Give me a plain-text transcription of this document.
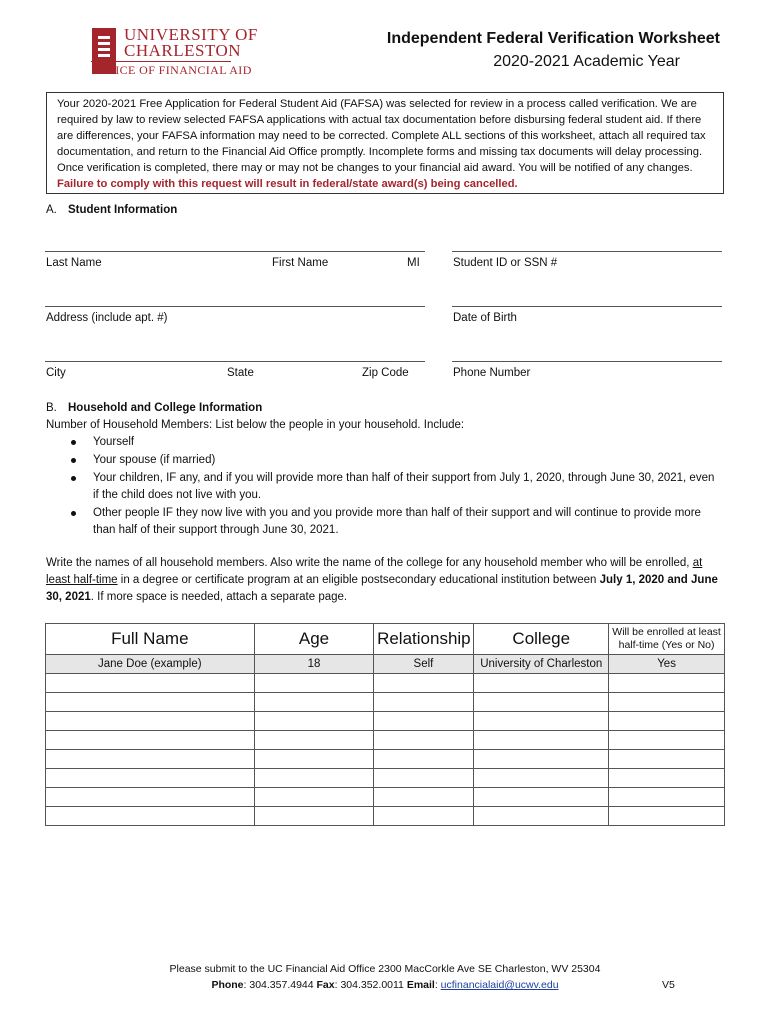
UNIVERSITY OF
CHARLESTON
OFFICE OF FINANCIAL AID
Independent Federal Verification Worksheet
2020-2021 Academic Year
Your 2020-2021 Free Application for Federal Student Aid (FAFSA) was selected for review in a process called verification. We are required by law to review selected FAFSA applications with actual tax documentation before disbursing federal student aid. If there are differences, your FAFSA information may need to be corrected. Complete ALL sections of this worksheet, attach all required tax documentation, and return to the Financial Aid Office promptly. Incomplete forms and missing tax documents will delay processing. Once verification is completed, there may or may not be changes to your financial aid award. You will be notified of any changes. Failure to comply with this request will result in federal/state award(s) being cancelled.
A. Student Information
Last Name	First Name	MI	Student ID or SSN #
Address (include apt. #)	Date of Birth
City	State	Zip Code	Phone Number
B. Household and College Information
Number of Household Members: List below the people in your household. Include:
Yourself
Your spouse (if married)
Your children, IF any, and if you will provide more than half of their support from July 1, 2020, through June 30, 2021, even if the child does not live with you.
Other people IF they now live with you and you provide more than half of their support and will continue to provide more than half of their support through June 30, 2021.
Write the names of all household members. Also write the name of the college for any household member who will be enrolled, at least half-time in a degree or certificate program at an eligible postsecondary educational institution between July 1, 2020 and June 30, 2021. If more space is needed, attach a separate page.
Full Name	Age	Relationship	College	Will be enrolled at least half-time (Yes or No)
Jane Doe (example)	18	Self	University of Charleston	Yes

Please submit to the UC Financial Aid Office 2300 MacCorkle Ave SE Charleston, WV 25304
Phone: 304.357.4944 Fax: 304.352.0011 Email: ucfinancialaid@ucwv.edu	V5
